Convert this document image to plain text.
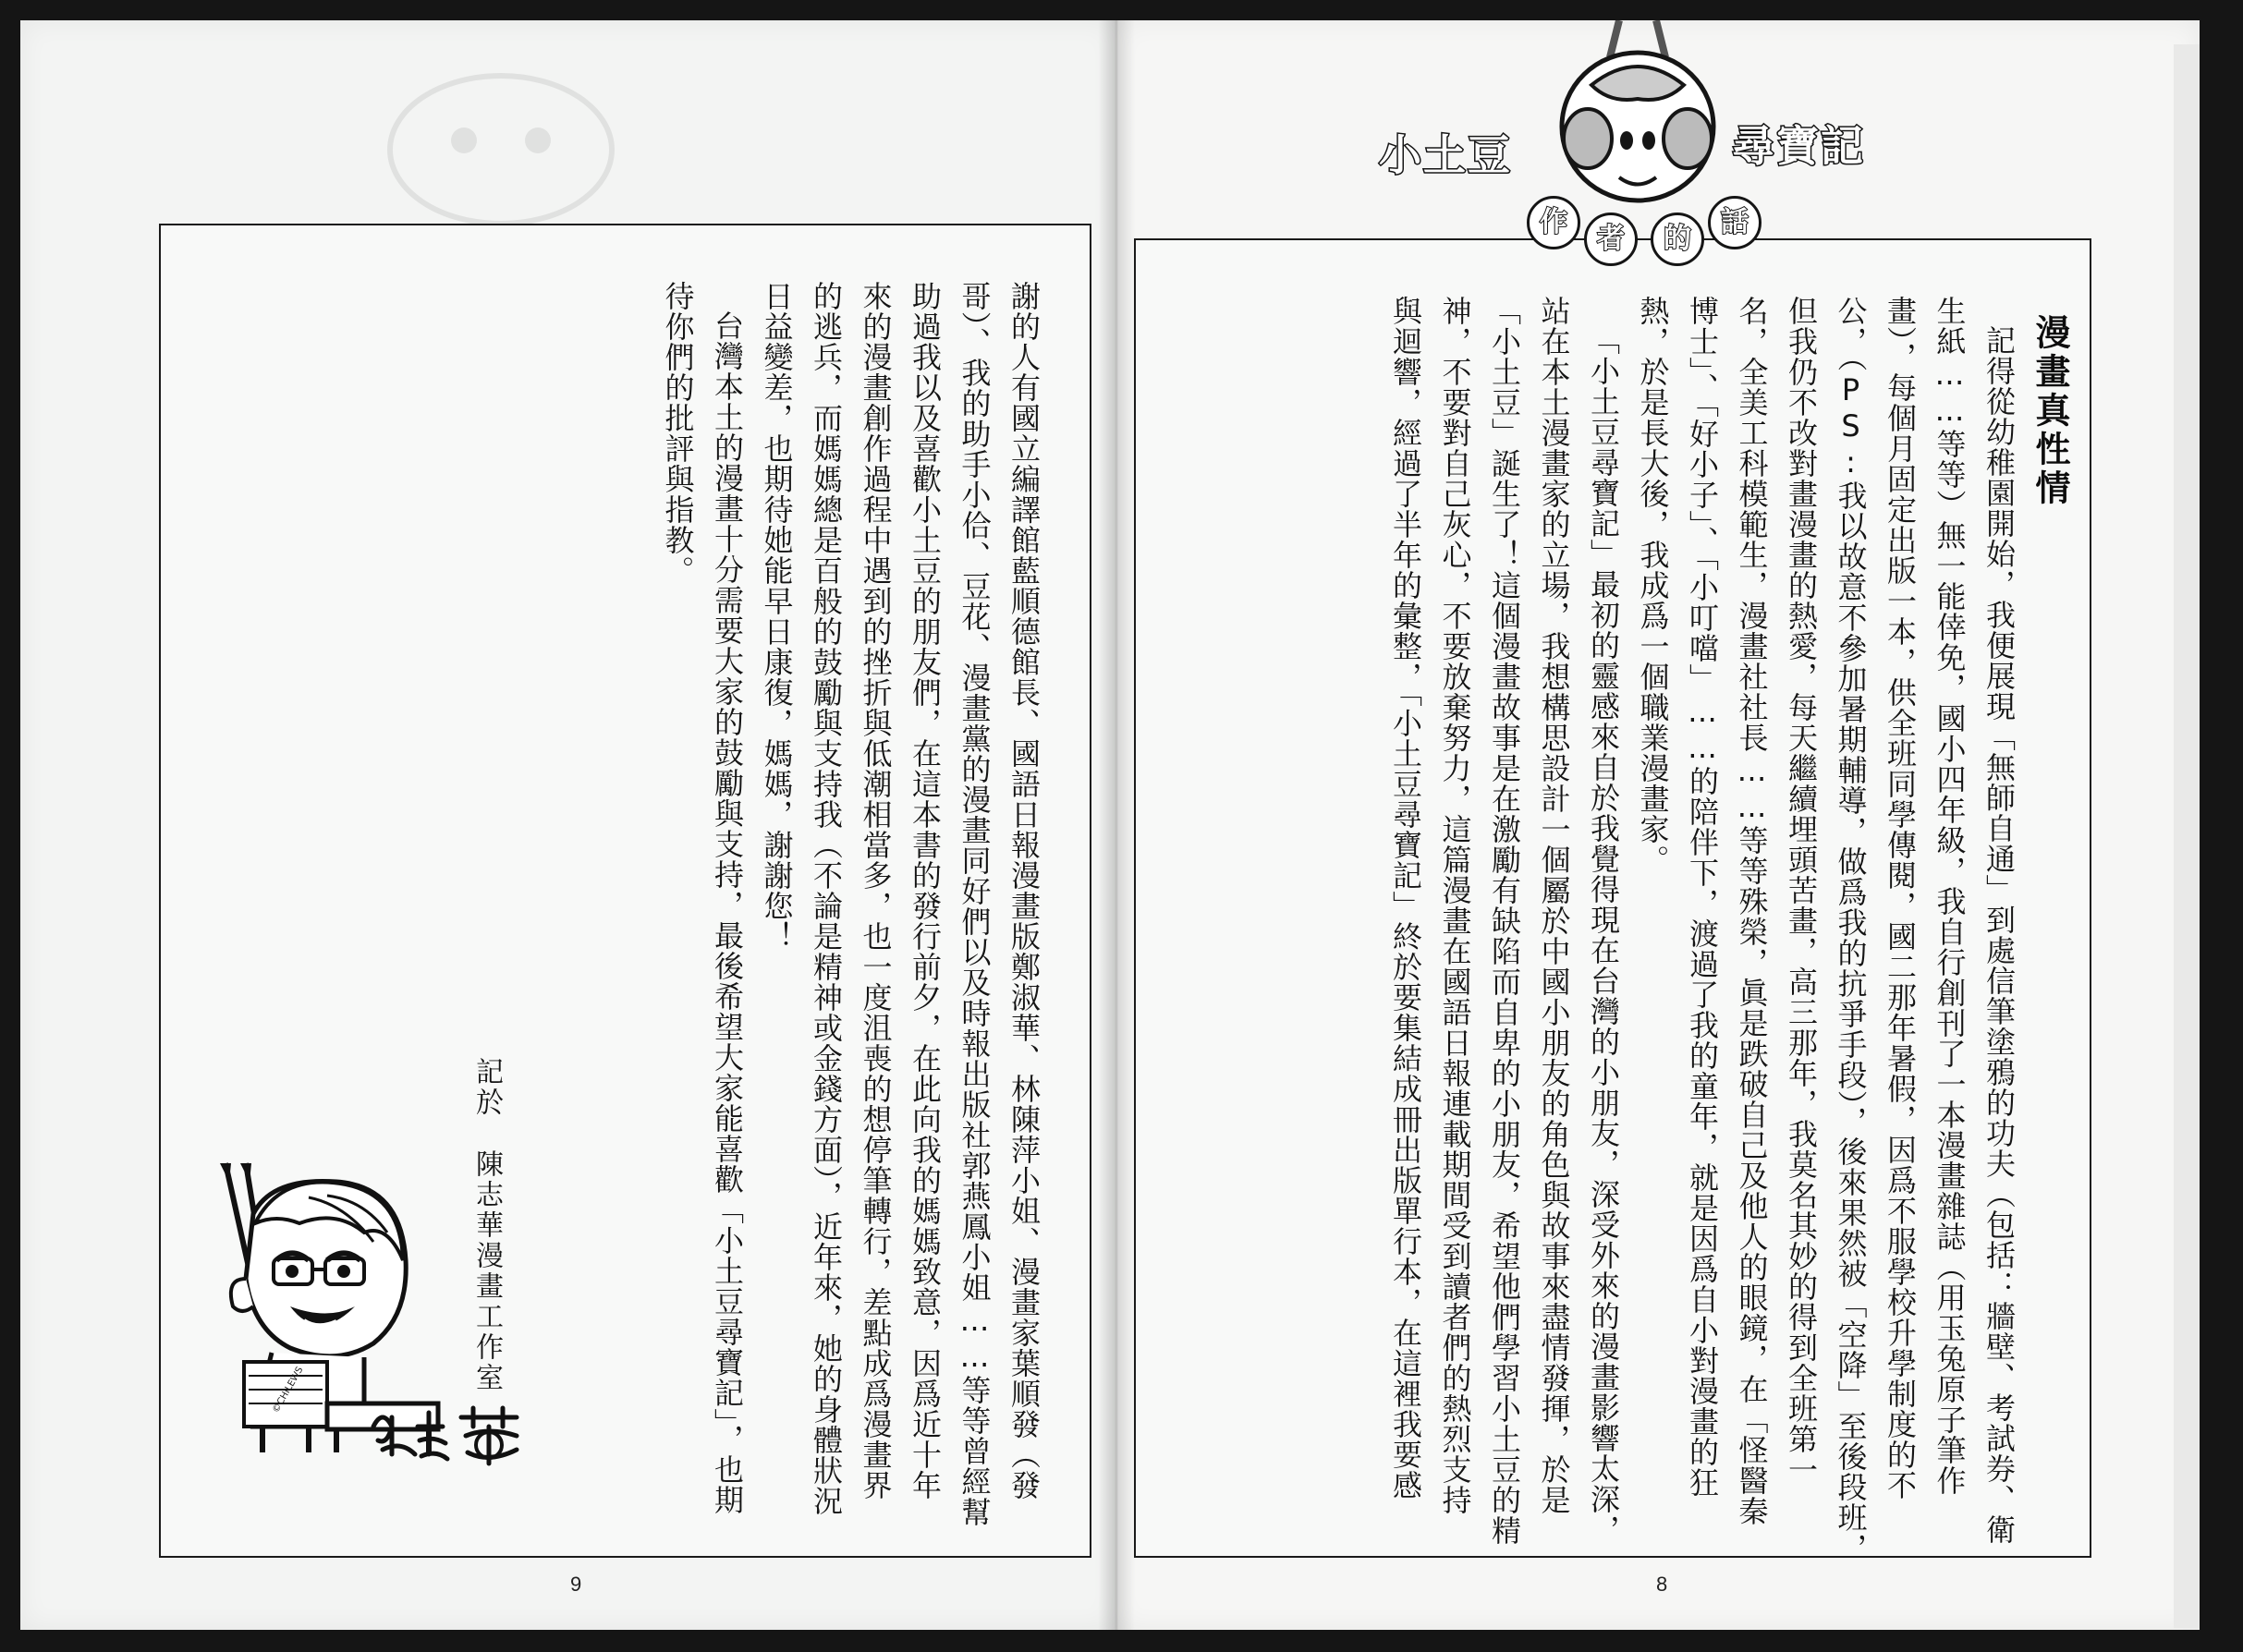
謝的人有國立編譯館藍順德館長、國語日報漫畫版鄭淑華、林陳萍小姐、漫畫家葉順發（發
哥）、我的助手小佮、豆花、漫畫黨的漫畫同好們以及時報出版社郭燕鳳小姐……等等曾經幫
助過我以及喜歡小土豆的朋友們，在這本書的發行前夕，在此向我的媽媽致意，因爲近十年
來的漫畫創作過程中遇到的挫折與低潮相當多，也一度沮喪的想停筆轉行，差點成爲漫畫界
的逃兵，而媽媽總是百般的鼓勵與支持我（不論是精神或金錢方面），近年來，她的身體狀況
日益變差，也期待她能早日康復，媽媽，謝謝您！
台灣本土的漫畫十分需要大家的鼓勵與支持，最後希望大家能喜歡「小土豆尋寶記」，也期
待你們的批評與指教。
記於
陳志華漫畫工作室
©CHILEWS
9
漫畫真性情
記得從幼稚園開始，我便展現「無師自通」到處信筆塗鴉的功夫（包括：牆壁、考試券、衛
生紙……等等）無一能倖免，國小四年級，我自行創刊了一本漫畫雜誌（用玉兔原子筆作
畫），每個月固定出版一本，供全班同學傳閱，國二那年暑假，因爲不服學校升學制度的不
公，（PS:我以故意不參加暑期輔導，做爲我的抗爭手段），後來果然被「空降」至後段班，
但我仍不改對畫漫畫的熱愛，每天繼續埋頭苦畫，高三那年，我莫名其妙的得到全班第一
名，全美工科模範生，漫畫社社長……等等殊榮，眞是跌破自己及他人的眼鏡，在「怪醫秦
博士」、「好小子」、「小叮噹」……的陪伴下，渡過了我的童年，就是因爲自小對漫畫的狂
熱，於是長大後，我成爲一個職業漫畫家。
「小土豆尋寶記」最初的靈感來自於我覺得現在台灣的小朋友，深受外來的漫畫影響太深，
站在本土漫畫家的立場，我想構思設計一個屬於中國小朋友的角色與故事來盡情發揮，於是
「小土豆」誕生了！這個漫畫故事是在激勵有缺陷而自卑的小朋友，希望他們學習小土豆的精
神，不要對自己灰心，不要放棄努力，這篇漫畫在國語日報連載期間受到讀者們的熱烈支持
與迴響，經過了半年的彙整，「小土豆尋寶記」終於要集結成冊出版單行本，在這裡我要感
8
小土豆	尋寶記
作
者	的
話
